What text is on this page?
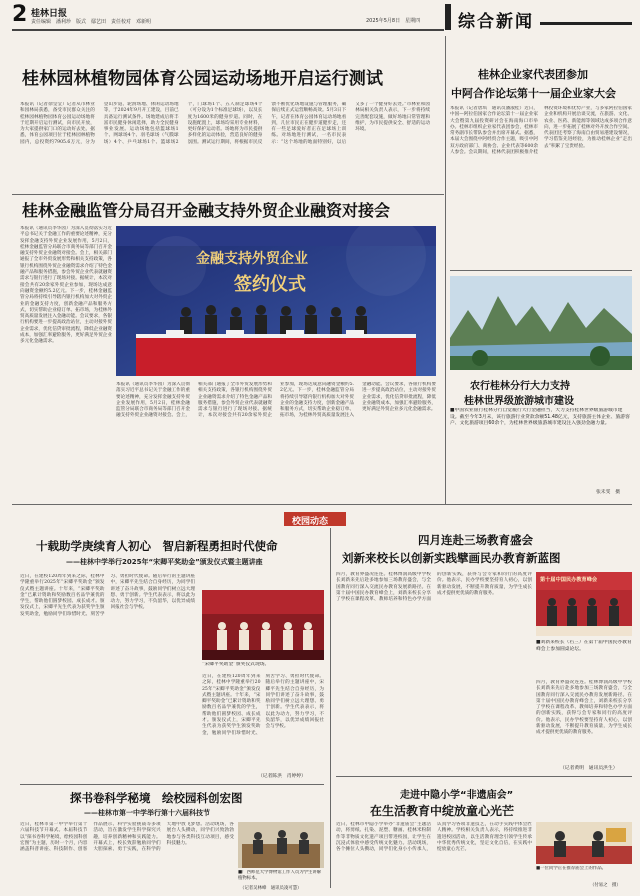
2 桂林日报
责任编辑　潘利珍　版式　鄢艺田　责任校对　邓新明	2025年5月8日　星期四 综合新闻
桂林园林植物园体育公园运动场地开启运行测试
本报讯（记者徐莹莹）记者从市林业和园林局获悉，备受市民群众关注的桂林园林植物园体育公园运动场地将于近期开启运行测试，向市民开放，为大家提供家门口的运动好去处。据悉，体育公园项目位于桂林园林植物园内，总投资约7905.6万元，分为登山步道、轮滑场地、休闲运动场地等，于2024年9月开工建设，目前已具备运行测试条件。场地建成后将丰富市民健身休闲选择，助力全民健身事业发展。运动场地包括篮球场1个、网球场4个、羽毛球场（气膜球场）4个、乒乓球场1个、篮球场2个，门球场1个、五人制足球场4个（可分设为1个标准足球场），以及长度为1600米的健身步道。同时，在设施配置上，球场均采用专业材料，更好保护运动者。场地将为市民提供多样化的运动体验，营造良好的健身氛围。测试运行期间，将根据市民反馈不断优化场地设施与管理服务，确保后续正式运营顺畅高效。5月3日下午，记者在体育公园体育运动场地看到，几位市民正在健步道健步走，还有一些足球爱好者正在足球场上训练。对场地进行测试，一名市民表示：“这个场地的地面特别好，以后又多了一个健身好去处。”市林业和园林局相关负责人表示，下一步将持续完善配套设施，做好场地日常管理和维护，为市民提供安全、舒适的运动环境。
桂林企业家代表团参加
中阿合作论坛第十一届企业家大会
本报讯（记者唐琪　通讯员潘淑桂）近日，中国—阿拉伯国家合作论坛第十一届企业家大会暨第九届投资研讨会在海南海口市举办。桂林市组织企业家代表团参会，桂林市常务副市长带队参会并出席开幕式。据悉，本届大会围绕中阿经贸合作主题，吸引中阿双方政府部门、商协会、企业代表等600余人参会。会议期间，桂林代表团积极推介桂林投资环境和优势产业，与多家阿拉伯国家企业和机构开展洽谈交流，在旅游、文化、农业、医药、新能源等领域达成多项合作意向，进一步拓展了桂林对外开放合作空间。代表团还考察了海南自由贸易港建设情况，学习借鉴先进经验，为推动桂林企业“走出去”积累了宝贵经验。
桂林金融监管分局召开金融支持外贸企业融资对接会
本报讯（通讯员李华园）为深入贯彻落实习近平总书记关于金融工作的重要论述精神，充分发挥金融支持外贸企业发展作用，5月2日，桂林金融监管分局联合市商务局等部门召开金融支持外贸企业融资对接会。会上，相关部门通报了全市外贸发展形势和相关支持政策，各银行机构围绕外贸企业融资需求介绍了特色金融产品和服务措施，参会外贸企业代表就融资需求与银行进行了现场对接。据统计，本次对接会共有20余家外贸企业参加，现场达成意向融资金额约5.2亿元。下一步，桂林金融监管分局将持续引导辖内银行机构加大对外贸企业的金融支持力度，创新金融产品和服务方式，切实帮助企业稳订单、拓市场，为桂林外贸高质量发展注入金融动能。会议要求，各银行机构要进一步提高政治站位，主动对接外贸企业需求，优化信贷审批流程，降低企业融资成本，加强汇率避险服务，更好满足外贸企业多元化金融需求。
金融支持外贸企业
签约仪式
本报讯（通讯员李华园）为深入贯彻落实习近平总书记关于金融工作的重要论述精神，充分发挥金融支持外贸企业发展作用，5月2日，桂林金融监管分局联合市商务局等部门召开金融支持外贸企业融资对接会。会上，相关部门通报了全市外贸发展形势和相关支持政策，各银行机构围绕外贸企业融资需求介绍了特色金融产品和服务措施，参会外贸企业代表就融资需求与银行进行了现场对接。据统计，本次对接会共有20余家外贸企业参加，现场达成意向融资金额约5.2亿元。下一步，桂林金融监管分局将持续引导辖内银行机构加大对外贸企业的金融支持力度，创新金融产品和服务方式，切实帮助企业稳订单、拓市场，为桂林外贸高质量发展注入金融动能。会议要求，各银行机构要进一步提高政治站位，主动对接外贸企业需求，优化信贷审批流程，降低企业融资成本，加强汇率避险服务，更好满足外贸企业多元化金融需求。
农行桂林分行大力支持
桂林世界级旅游城市建设
■中国农业银行桂林分行自觉履行大行金融担当，大力支持桂林世界级旅游城市建设。截至今年3月末，该行旅游行业贷款余额51.48亿元，支持旅游主体企业、旅游客户、文化旅游项目60余个，为桂林世界级旅游城市建设注入强劲金融力量。
张未雯　摄
校园动态
十载助学庚续育人初心　智启新程勇担时代使命
——桂林中学举行2025年“宋卿平奖助金”颁发仪式暨主题讲座
近日，在建校120周年到来之际，桂林中学隆重举行2025年“宋卿平奖助金”颁发仪式暨主题讲座。十年来，“宋卿平奖助金”已累计资助和奖励数百名品学兼优的学生，帮助他们圆梦校园、成长成才。颁发仪式上，宋卿平先生代表为获奖学生颁发奖助金，勉励同学们珍惜时光、刻苦学习、勇担时代使命。随后举行的主题讲座中，宋卿平先生结合自身经历，为同学们讲述了奋斗故事，鼓励同学们树立远大理想、勇于创新。学生代表表示，将以此为动力，努力学习，不负韶华，以优异成绩回报社会与学校。
“宋卿平奖助金”颁奖仪式现场。
近日，在建校120周年到来之际，桂林中学隆重举行2025年“宋卿平奖助金”颁发仪式暨主题讲座。十年来，“宋卿平奖助金”已累计资助和奖励数百名品学兼优的学生，帮助他们圆梦校园、成长成才。颁发仪式上，宋卿平先生代表为获奖学生颁发奖助金，勉励同学们珍惜时光、刻苦学习、勇担时代使命。随后举行的主题讲座中，宋卿平先生结合自身经历，为同学们讲述了奋斗故事，鼓励同学们树立远大理想、勇于创新。学生代表表示，将以此为动力，努力学习，不负韶华，以优异成绩回报社会与学校。
（记者陈洪　肖婷婷）
四月连赴三场教育盛会
刘新来校长以创新实践擘画民办教育新蓝图
四月，教育界盛况连连。桂林博润高级中学校长刘新来先后赴多地参加三场教育盛会，与全国教育同行深入交流民办教育发展新路径。在第十届中国民办教育峰会上，刘新来校长分享了学校在课程改革、教师培养和特色办学方面的创新实践，获得与会专家和同行的高度评价。他表示，民办学校要坚持育人初心，以创新驱动发展，不断提升教育质量，为学生成长成才提供更优质的教育服务。
第十届中国民办教育峰会
■刘新来校长（右三）在第十届中国民办教育峰会上参加圆桌论坛。
四月，教育界盛况连连。桂林博润高级中学校长刘新来先后赴多地参加三场教育盛会，与全国教育同行深入交流民办教育发展新路径。在第十届中国民办教育峰会上，刘新来校长分享了学校在课程改革、教师培养和特色办学方面的创新实践，获得与会专家和同行的高度评价。他表示，民办学校要坚持育人初心，以创新驱动发展，不断提升教育质量，为学生成长成才提供更优质的教育服务。
（记者黄明　通讯员洪生）
探书卷科学秘境　绘校园科创宏图
——桂林市第一中学举行第十六届科技节
近日，桂林市第一中学举行第十六届科技节开幕式。本届科技节以“探书卷科学秘境，绘校园科创宏图”为主题，历时一个月，内容涵盖科普讲座、科技制作、创客作品展示、科学实验挑战等多项活动，旨在激发学生科学探究兴趣，培养创新精神和实践能力。开幕式上，校长致辞勉励同学们大胆探索、勇于实践，在科学的天地中放飞梦想。活动现场，各展台人头攒动，同学们兴致勃勃地参与各类科技互动项目，感受科技魅力。
■广西师范大学博物馆工作人员为学生讲解植物标本。
（记者吴林峰　通讯员凌可慧）
走进中隐小学“非遗庙会”
在生活教育中绽放童心光芒
近日，桂林市中隐小学举办“非遗庙会”主题活动，将剪纸、扎染、泥塑、糖画、桂林米粉制作等非物质文化遗产项目带进校园，让学生在沉浸式体验中感受传统文化魅力。活动现场，各个摊位人头攒动，同学们化身小小传承人，认真学习各项非遗技艺，在动手实践中体会匠人精神。学校相关负责人表示，将持续推进非遗进校园活动，以生活教育理念引领学生传承中华优秀传统文化，坚定文化自信，在实践中绽放童心光芒。
■一位同学正在推荐庙会上的作品。
（付易之　摄）
